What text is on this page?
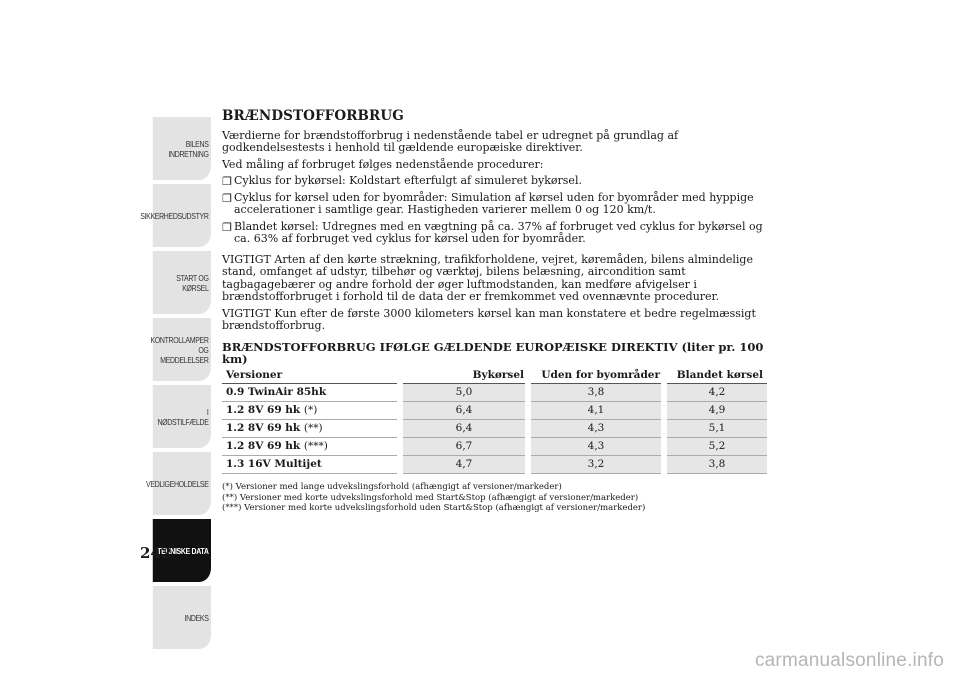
BILENS
INDRETNING
SIKKERHEDSUDSTYR
START OG KØRSEL
KONTROLLAMPER
OG MEDDELELSER
I NØDSTILFÆLDE
VEDLIGEHOLDELSE
TEKNISKE DATA
INDEKS
242
BRÆNDSTOFFORBRUG

Værdierne for brændstofforbrug i nedenstående tabel er udregnet på grundlag af godkendelsestests i henhold til gældende europæiske direktiver.

Ved måling af forbruget følges nedenstående procedurer:

❐ Cyklus for bykørsel: Koldstart efterfulgt af simuleret bykørsel.
❐ Cyklus for kørsel uden for byområder: Simulation af kørsel uden for byområder med hyppige accelerationer i samtlige gear. Hastigheden varierer mellem 0 og 120 km/t.
❐ Blandet kørsel: Udregnes med en vægtning på ca. 37% af forbruget ved cyklus for bykørsel og ca. 63% af forbruget ved cyklus for kørsel uden for byområder.

VIGTIGT Arten af den kørte strækning, trafikforholdene, vejret, køremåden, bilens almindelige stand, omfanget af udstyr, tilbehør og værktøj, bilens belæsning, aircondition samt tagbagagebærer og andre forhold der øger luftmodstanden, kan medføre afvigelser i brændstofforbruget i forhold til de data der er fremkommet ved ovennævnte procedurer.

VIGTIGT Kun efter de første 3000 kilometers kørsel kan man konstatere et bedre regelmæssigt brændstofforbrug.

BRÆNDSTOFFORBRUG IFØLGE GÆLDENDE EUROPÆISKE DIREKTIV (liter pr. 100 km)
Versioner	Bykørsel	Uden for byområder	Blandet kørsel
0.9 TwinAir 85hk	5,0	3,8	4,2
1.2 8V 69 hk (*)	6,4	4,1	4,9
1.2 8V 69 hk (**)	6,4	4,3	5,1
1.2 8V 69 hk (***)	6,7	4,3	5,2
1.3 16V Multijet	4,7	3,2	3,8
(*) Versioner med lange udvekslingsforhold (afhængigt af versioner/markeder)
(**) Versioner med korte udvekslingsforhold med Start&Stop (afhængigt af versioner/markeder)
(***) Versioner med korte udvekslingsforhold uden Start&Stop (afhængigt af versioner/markeder)
carmanualsonline.info
